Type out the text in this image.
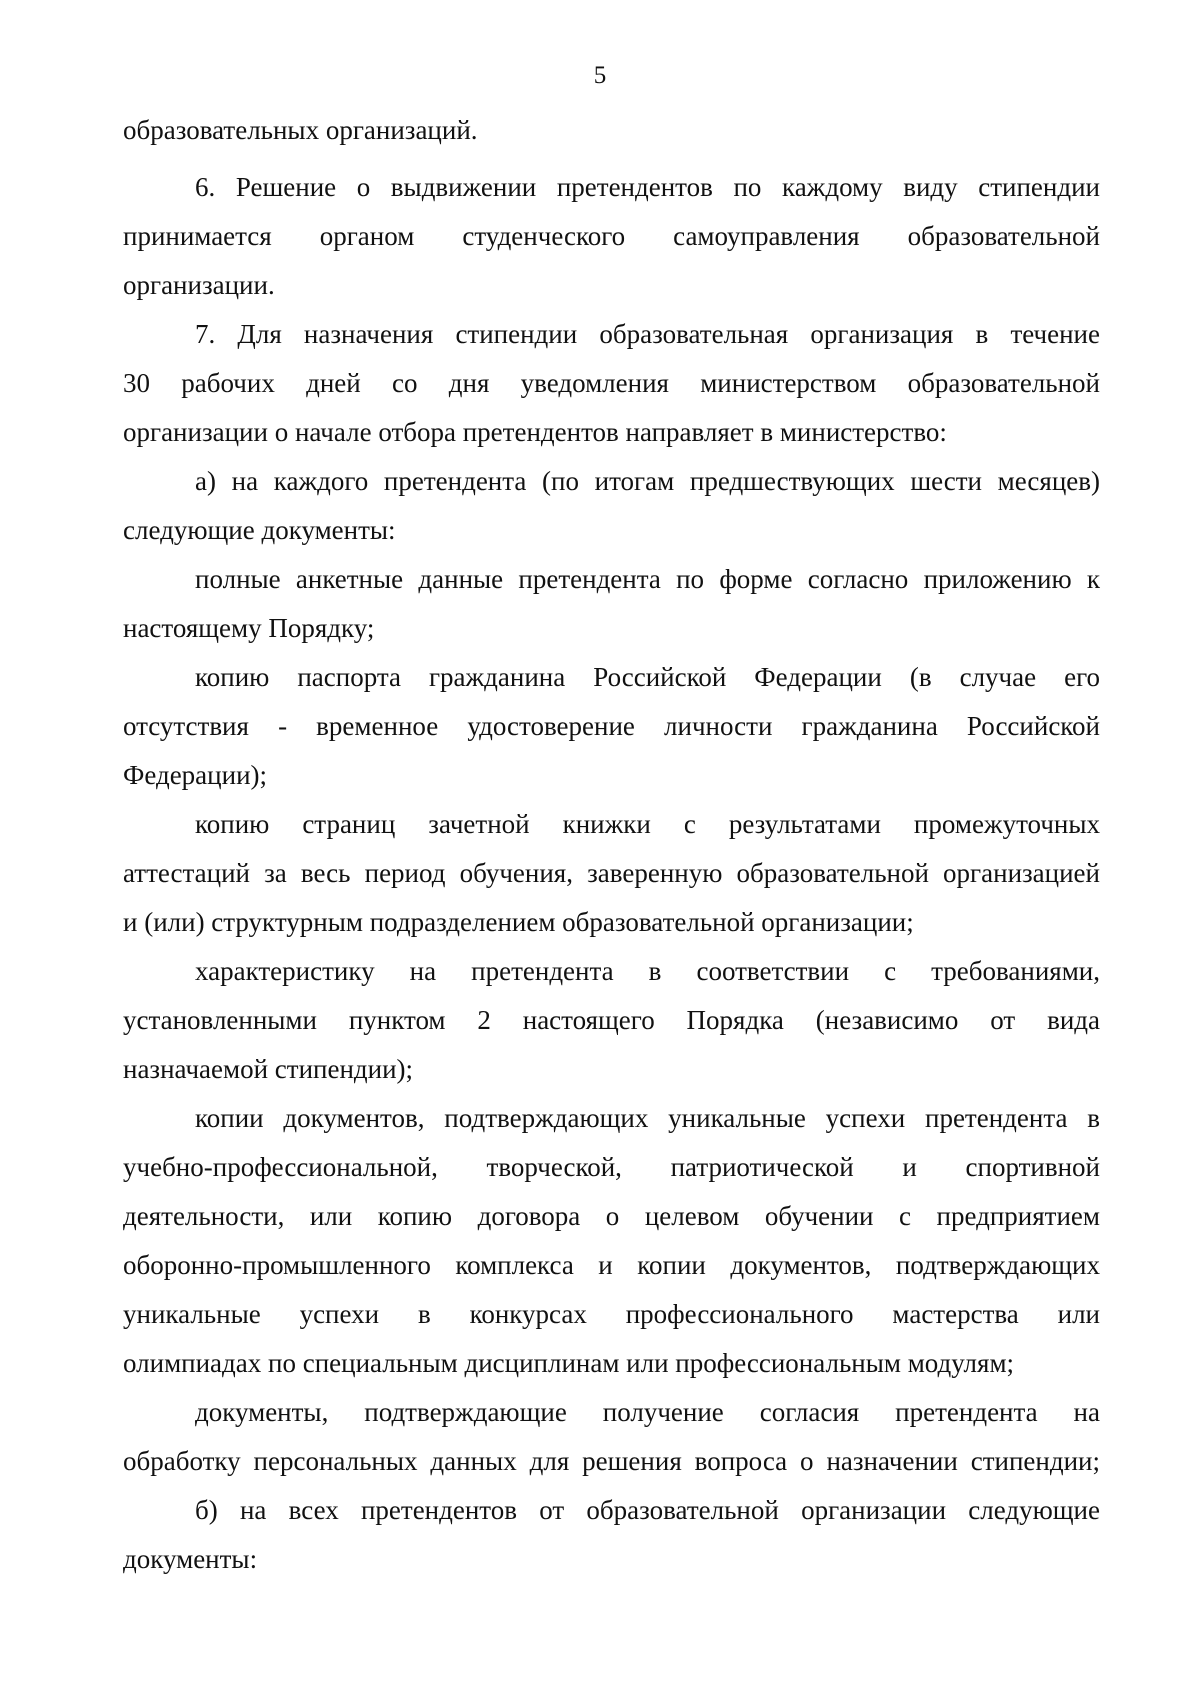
5
образовательных организаций.
6. Решение о выдвижении претендентов по каждому виду стипендии
принимается органом студенческого самоуправления образовательной
организации.
7. Для назначения стипендии образовательная организация в течение
30 рабочих дней со дня уведомления министерством образовательной
организации о начале отбора претендентов направляет в министерство:
а) на каждого претендента (по итогам предшествующих шести месяцев)
следующие документы:
полные анкетные данные претендента по форме согласно приложению к
настоящему Порядку;
копию паспорта гражданина Российской Федерации (в случае его
отсутствия - временное удостоверение личности гражданина Российской
Федерации);
копию страниц зачетной книжки с результатами промежуточных
аттестаций за весь период обучения, заверенную образовательной организацией
и (или) структурным подразделением образовательной организации;
характеристику на претендента в соответствии с требованиями,
установленными пунктом 2 настоящего Порядка (независимо от вида
назначаемой стипендии);
копии документов, подтверждающих уникальные успехи претендента в
учебно-профессиональной, творческой, патриотической и спортивной
деятельности, или копию договора о целевом обучении с предприятием
оборонно-промышленного комплекса и копии документов, подтверждающих
уникальные успехи в конкурсах профессионального мастерства или
олимпиадах по специальным дисциплинам или профессиональным модулям;
документы, подтверждающие получение согласия претендента на
обработку персональных данных для решения вопроса о назначении стипендии;
б) на всех претендентов от образовательной организации следующие
документы:
